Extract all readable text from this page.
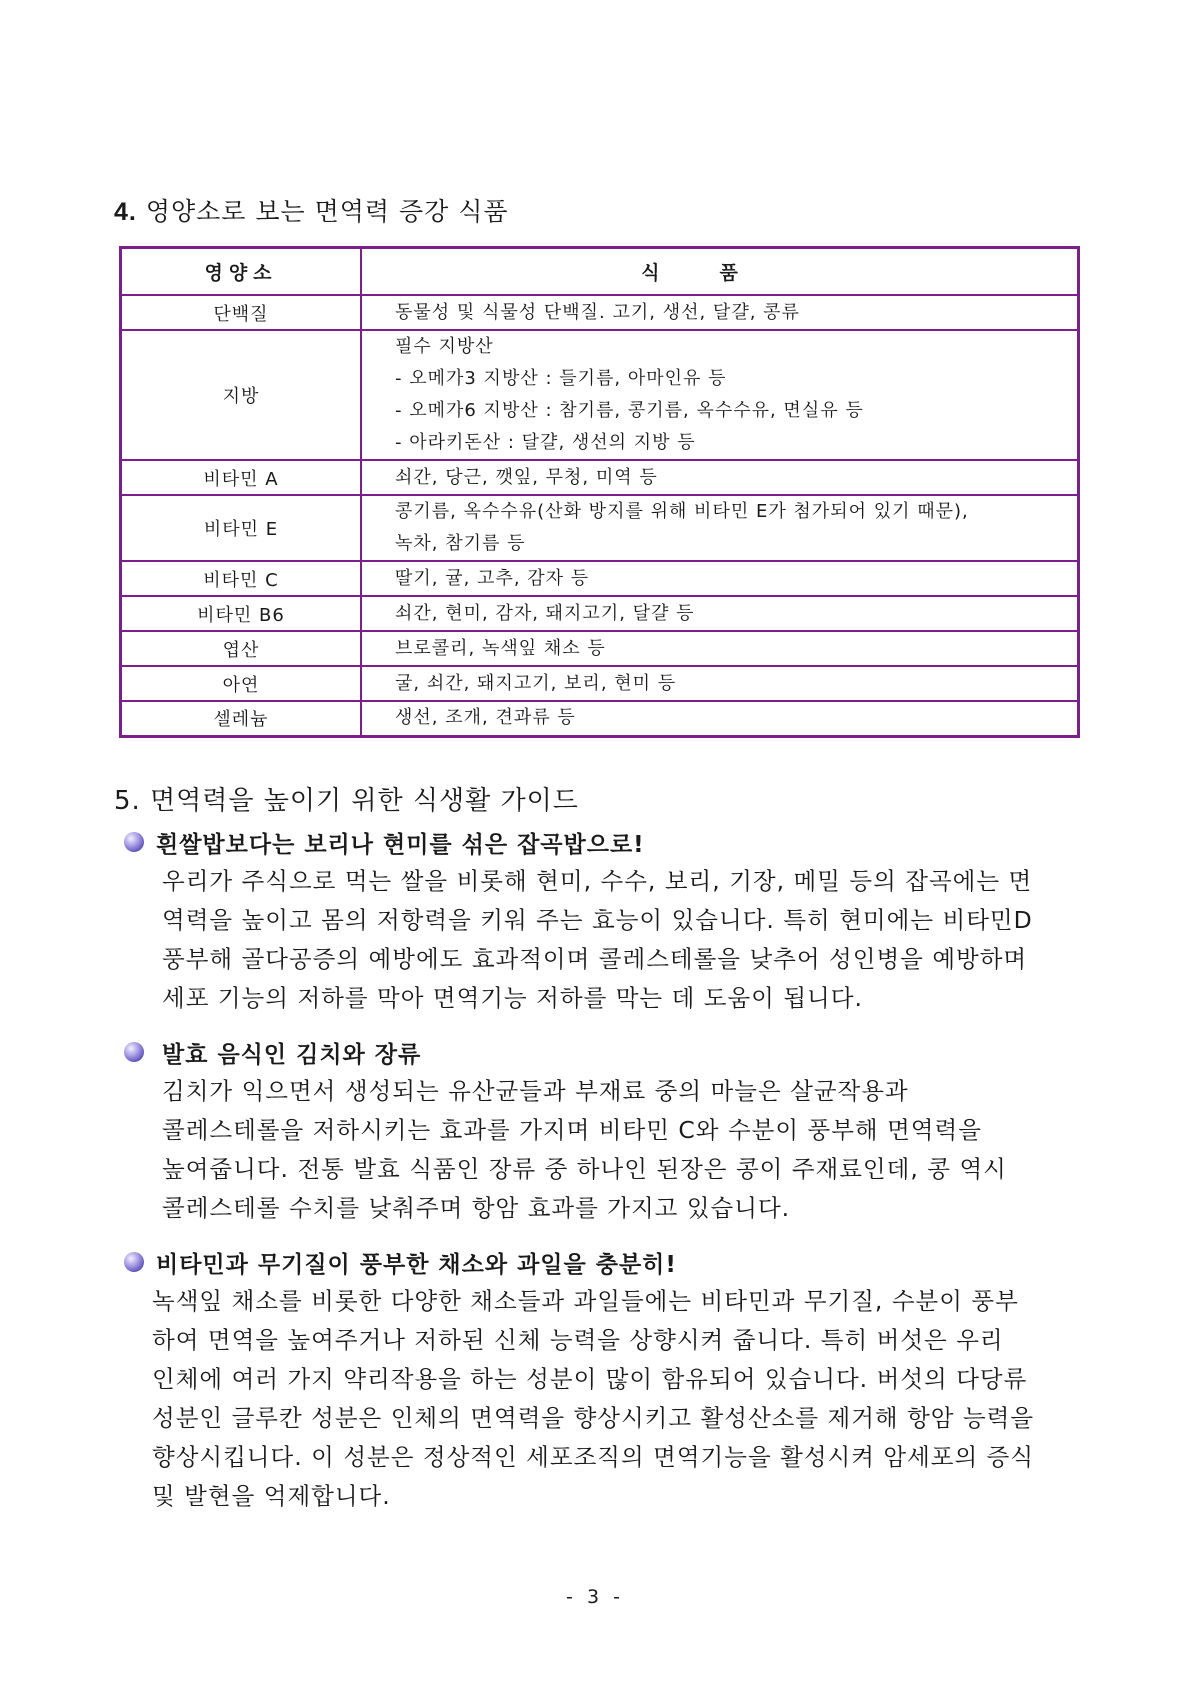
4. 영양소로 보는 면역력 증강 식품
영양소	식품
단백질	동물성 및 식물성 단백질. 고기, 생선, 달걀, 콩류

지방	필수 지방산
- 오메가3 지방산 : 들기름, 아마인유 등
- 오메가6 지방산 : 참기름, 콩기름, 옥수수유, 면실유 등
- 아라키돈산 : 달걀, 생선의 지방 등

비타민 A	쇠간, 당근, 깻잎, 무청, 미역 등

비타민 E	콩기름, 옥수수유(산화 방지를 위해 비타민 E가 첨가되어 있기 때문),
녹차, 참기름 등

비타민 C	딸기, 귤, 고추, 감자 등

비타민 B6	쇠간, 현미, 감자, 돼지고기, 달걀 등

엽산	브로콜리, 녹색잎 채소 등

아연	굴, 쇠간, 돼지고기, 보리, 현미 등

셀레늄	생선, 조개, 견과류 등
5. 면역력을 높이기 위한 식생활 가이드
흰쌀밥보다는 보리나 현미를 섞은 잡곡밥으로!
우리가 주식으로 먹는 쌀을 비롯해 현미, 수수, 보리, 기장, 메밀 등의 잡곡에는 면
역력을 높이고 몸의 저항력을 키워 주는 효능이 있습니다. 특히 현미에는 비타민D
풍부해 골다공증의 예방에도 효과적이며 콜레스테롤을 낮추어 성인병을 예방하며
세포 기능의 저하를 막아 면역기능 저하를 막는 데 도움이 됩니다.
발효 음식인 김치와 장류
김치가 익으면서 생성되는 유산균들과 부재료 중의 마늘은 살균작용과
콜레스테롤을 저하시키는 효과를 가지며 비타민 C와 수분이 풍부해 면역력을
높여줍니다. 전통 발효 식품인 장류 중 하나인 된장은 콩이 주재료인데, 콩 역시
콜레스테롤 수치를 낮춰주며 항암 효과를 가지고 있습니다.
비타민과 무기질이 풍부한 채소와 과일을 충분히!
녹색잎 채소를 비롯한 다양한 채소들과 과일들에는 비타민과 무기질, 수분이 풍부
하여 면역을 높여주거나 저하된 신체 능력을 상향시켜 줍니다. 특히 버섯은 우리
인체에 여러 가지 약리작용을 하는 성분이 많이 함유되어 있습니다. 버섯의 다당류
성분인 글루칸 성분은 인체의 면역력을 향상시키고 활성산소를 제거해 항암 능력을
향상시킵니다. 이 성분은 정상적인 세포조직의 면역기능을 활성시켜 암세포의 증식
및 발현을 억제합니다.
- 3 -
